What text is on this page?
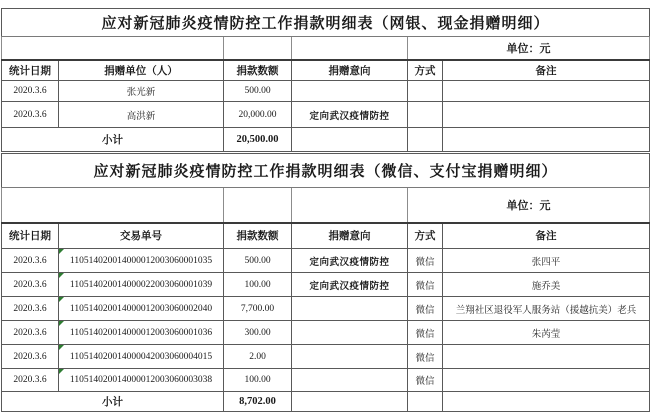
应对新冠肺炎疫情防控工作捐款明细表（网银、现金捐赠明细）					
				单位：元	
统计日期	捐赠单位（人）	捐款数额	捐赠意向	方式	备注
2020.3.6	张光新	500.00			
2020.3.6	高洪新	20,000.00	定向武汉疫情防控		
小计		20,500.00			
应对新冠肺炎疫情防控工作捐款明细表（微信、支付宝捐赠明细）					
				单位：元	
统计日期	交易单号	捐款数额	捐赠意向	方式	备注
2020.3.6	110514020014000012003060001035	500.00	定向武汉疫情防控	微信	张四平
2020.3.6	110514020014000022003060001039	100.00	定向武汉疫情防控	微信	施乔美
2020.3.6	110514020014000012003060002040	7,700.00		微信	兰翔社区退役军人服务站（援越抗美）老兵
2020.3.6	110514020014000012003060001036	300.00		微信	朱芮莹
2020.3.6	110514020014000042003060004015	2.00		微信	
2020.3.6	110514020014000012003060003038	100.00		微信	
小计		8,702.00			
